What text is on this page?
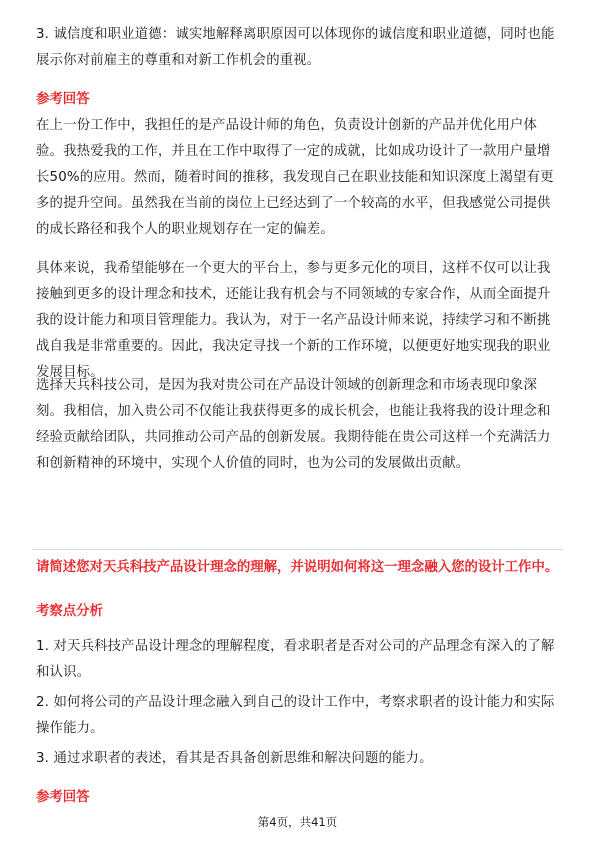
3. 诚信度和职业道德：诚实地解释离职原因可以体现你的诚信度和职业道德，同时也能展示你对前雇主的尊重和对新工作机会的重视。

参考回答

在上一份工作中，我担任的是产品设计师的角色，负责设计创新的产品并优化用户体验。我热爱我的工作，并且在工作中取得了一定的成就，比如成功设计了一款用户量增长50%的应用。然而，随着时间的推移，我发现自己在职业技能和知识深度上渴望有更多的提升空间。虽然我在当前的岗位上已经达到了一个较高的水平，但我感觉公司提供的成长路径和我个人的职业规划存在一定的偏差。

具体来说，我希望能够在一个更大的平台上，参与更多元化的项目，这样不仅可以让我接触到更多的设计理念和技术，还能让我有机会与不同领域的专家合作，从而全面提升我的设计能力和项目管理能力。我认为，对于一名产品设计师来说，持续学习和不断挑战自我是非常重要的。因此，我决定寻找一个新的工作环境，以便更好地实现我的职业发展目标。

选择天兵科技公司，是因为我对贵公司在产品设计领域的创新理念和市场表现印象深刻。我相信，加入贵公司不仅能让我获得更多的成长机会，也能让我将我的设计理念和经验贡献给团队，共同推动公司产品的创新发展。我期待能在贵公司这样一个充满活力和创新精神的环境中，实现个人价值的同时，也为公司的发展做出贡献。

请简述您对天兵科技产品设计理念的理解，并说明如何将这一理念融入您的设计工作中。

考察点分析

1. 对天兵科技产品设计理念的理解程度，看求职者是否对公司的产品理念有深入的了解和认识。

2. 如何将公司的产品设计理念融入到自己的设计工作中，考察求职者的设计能力和实际操作能力。

3. 通过求职者的表述，看其是否具备创新思维和解决问题的能力。

参考回答

第4页，共41页
